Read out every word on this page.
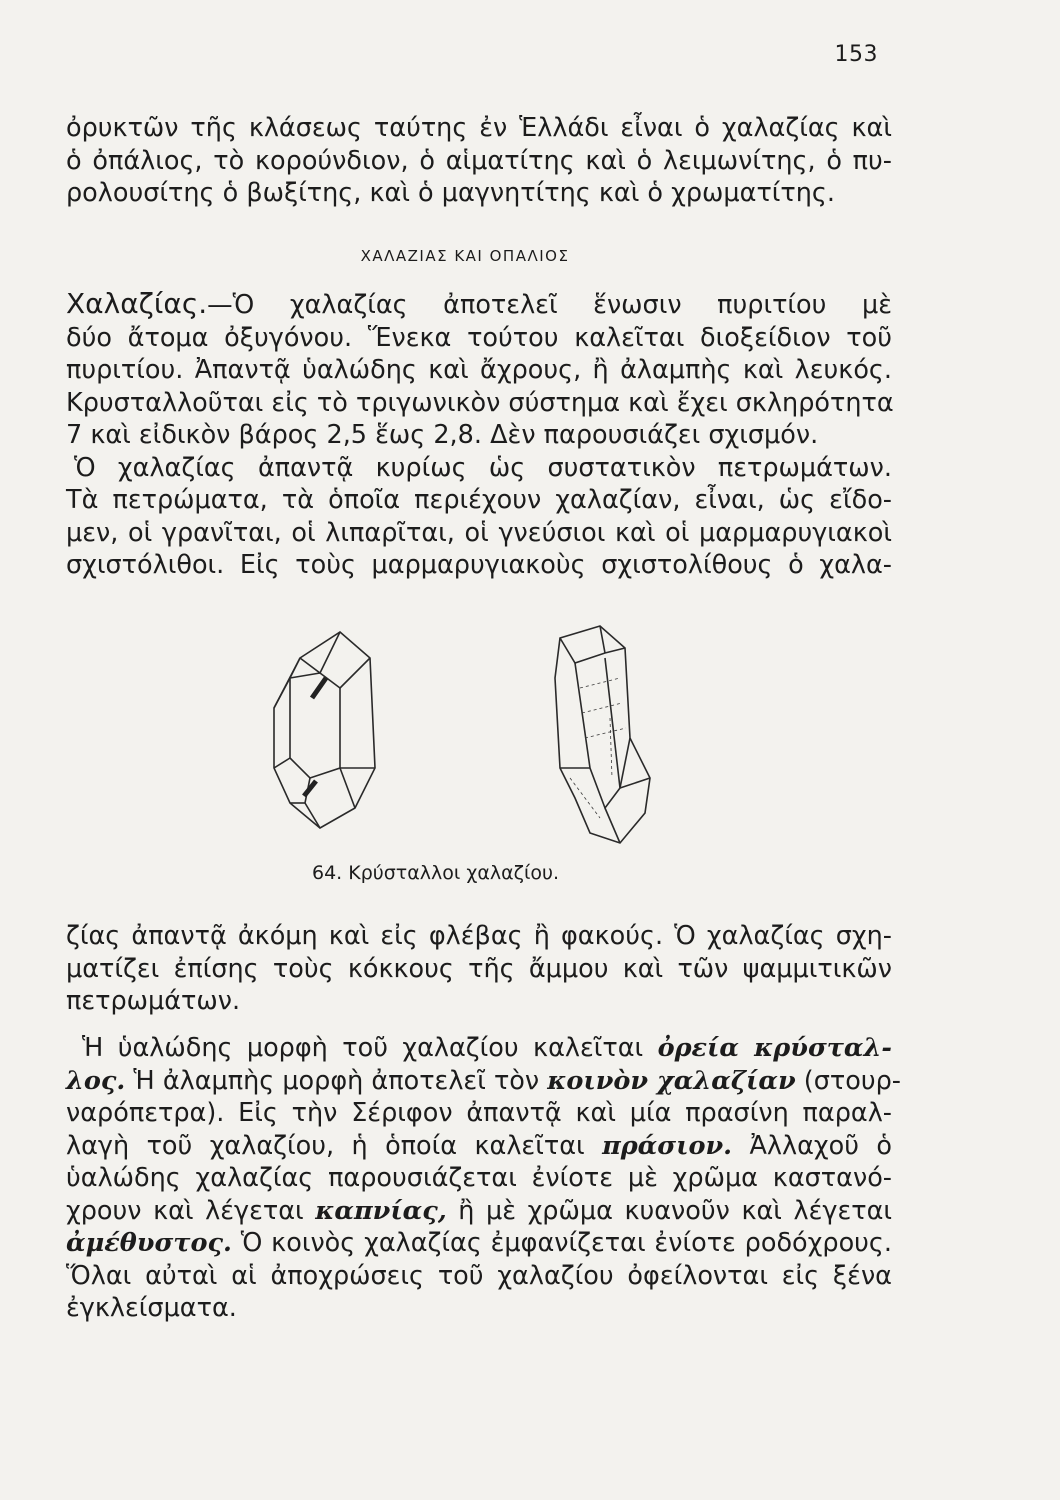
153
ὀρυκτῶν τῆς κλάσεως ταύτης ἐν Ἑλλάδι εἶναι ὁ χαλαζίας καὶ
ὁ ὀπάλιος, τὸ κορούνδιον, ὁ αἱματίτης καὶ ὁ λειμωνίτης, ὁ πυ-
ρολουσίτης ὁ βωξίτης, καὶ ὁ μαγνητίτης καὶ ὁ χρωματίτης.
ΧΑΛΑΖΙΑΣ ΚΑΙ ΟΠΑΛΙΟΣ
Χαλαζίας.—Ὁ χαλαζίας ἀποτελεῖ ἕνωσιν πυριτίου μὲ
δύο ἄτομα ὀξυγόνου. Ἕνεκα τούτου καλεῖται διοξείδιον τοῦ
πυριτίου. Ἀπαντᾷ ὑαλώδης καὶ ἄχρους, ἢ ἀλαμπὴς καὶ λευκός.
Κρυσταλλοῦται εἰς τὸ τριγωνικὸν σύστημα καὶ ἔχει σκληρότητα
7 καὶ εἰδικὸν βάρος 2,5 ἕως 2,8. Δὲν παρουσιάζει σχισμόν.
Ὁ χαλαζίας ἀπαντᾷ κυρίως ὡς συστατικὸν πετρωμάτων.
Τὰ πετρώματα, τὰ ὁποῖα περιέχουν χαλαζίαν, εἶναι, ὡς εἴδο-
μεν, οἱ γρανῖται, οἱ λιπαρῖται, οἱ γνεύσιοι καὶ οἱ μαρμαρυγιακοὶ
σχιστόλιθοι. Εἰς τοὺς μαρμαρυγιακοὺς σχιστολίθους ὁ χαλα-
64. Κρύσταλλοι χαλαζίου.
ζίας ἀπαντᾷ ἀκόμη καὶ εἰς φλέβας ἢ φακούς. Ὁ χαλαζίας σχη-
ματίζει ἐπίσης τοὺς κόκκους τῆς ἄμμου καὶ τῶν ψαμμιτικῶν
πετρωμάτων.
Ἡ ὑαλώδης μορφὴ τοῦ χαλαζίου καλεῖται ὀρεία κρύσταλ-
λος. Ἡ ἀλαμπὴς μορφὴ ἀποτελεῖ τὸν κοινὸν χαλαζίαν (στουρ-
ναρόπετρα). Εἰς τὴν Σέριφον ἀπαντᾷ καὶ μία πρασίνη παραλ-
λαγὴ τοῦ χαλαζίου, ἡ ὁποία καλεῖται πράσιον. Ἀλλαχοῦ ὁ
ὑαλώδης χαλαζίας παρουσιάζεται ἐνίοτε μὲ χρῶμα καστανό-
χρουν καὶ λέγεται καπνίας, ἢ μὲ χρῶμα κυανοῦν καὶ λέγεται
ἀμέθυστος. Ὁ κοινὸς χαλαζίας ἐμφανίζεται ἐνίοτε ροδόχρους.
Ὅλαι αὐταὶ αἱ ἀποχρώσεις τοῦ χαλαζίου ὀφείλονται εἰς ξένα
ἐγκλείσματα.
